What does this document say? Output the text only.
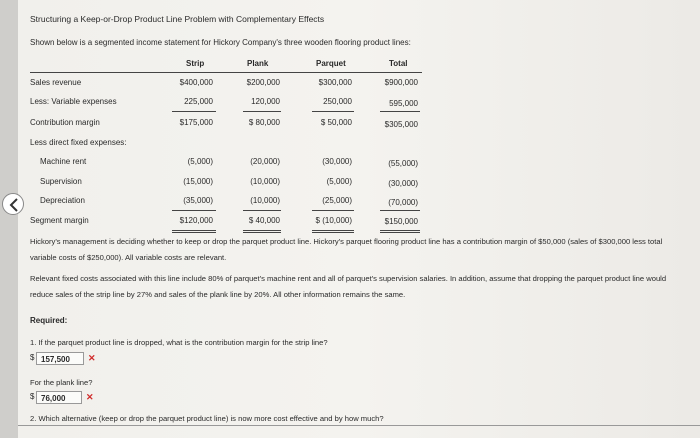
Structuring a Keep-or-Drop Product Line Problem with Complementary Effects
Shown below is a segmented income statement for Hickory Company's three wooden flooring product lines:
Strip	Plank	Parquet	Total
Sales revenue	$400,000	$200,000	$300,000	$900,000
Less: Variable expenses	225,000	120,000	250,000	595,000
Contribution margin	$175,000	$ 80,000	$ 50,000	$305,000
Less direct fixed expenses:
Machine rent	(5,000)	(20,000)	(30,000)	(55,000)
Supervision	(15,000)	(10,000)	(5,000)	(30,000)
Depreciation	(35,000)	(10,000)	(25,000)	(70,000)
Segment margin	$120,000	$ 40,000	$ (10,000)	$150,000
Hickory's management is deciding whether to keep or drop the parquet product line. Hickory's parquet flooring product line has a contribution margin of $50,000 (sales of $300,000 less total variable costs of $250,000). All variable costs are relevant.
Relevant fixed costs associated with this line include 80% of parquet's machine rent and all of parquet's supervision salaries. In addition, assume that dropping the parquet product line would reduce sales of the strip line by 27% and sales of the plank line by 20%. All other information remains the same.
Required:
1. If the parquet product line is dropped, what is the contribution margin for the strip line?
$ 157,500	✕
For the plank line?
$ 76,000	✕
2. Which alternative (keep or drop the parquet product line) is now more cost effective and by how much?
